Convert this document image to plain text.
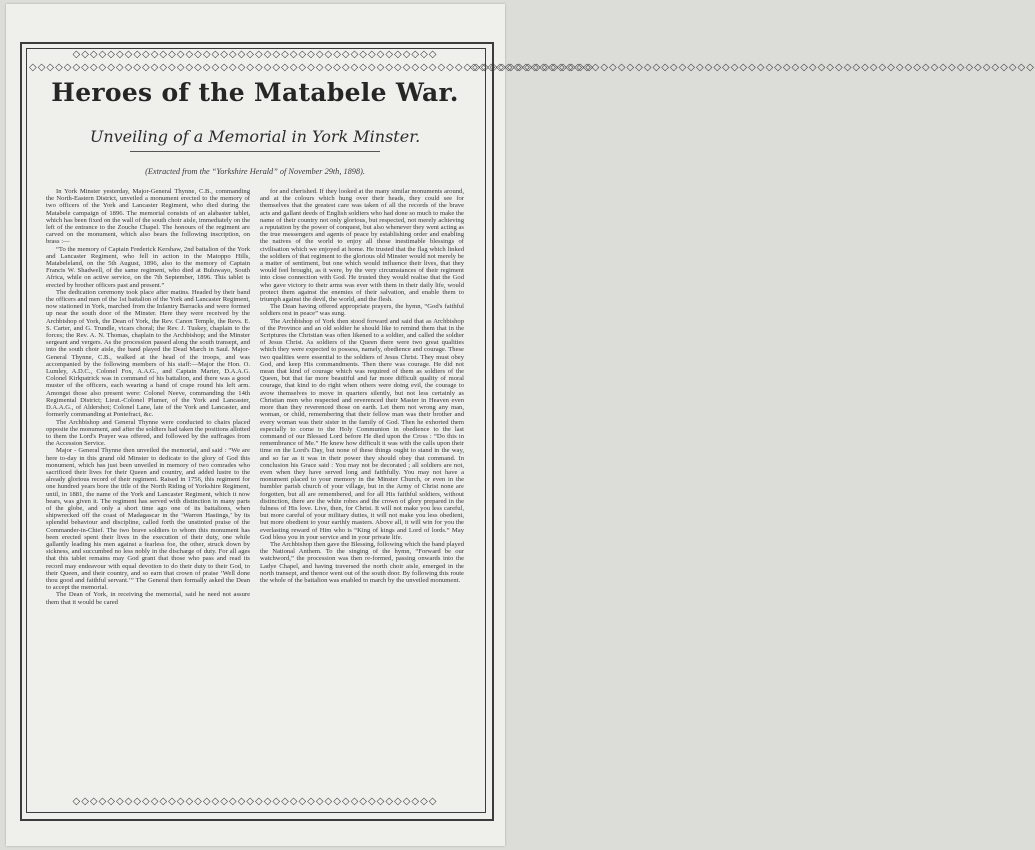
◇◇◇◇◇◇◇◇◇◇◇◇◇◇◇◇◇◇◇◇◇◇◇◇◇◇◇◇◇◇◇◇◇◇◇◇◇◇◇◇◇◇
◇◇◇◇◇◇◇◇◇◇◇◇◇◇◇◇◇◇◇◇◇◇◇◇◇◇◇◇◇◇◇◇◇◇◇◇◇◇◇◇◇◇
◇◇◇◇◇◇◇◇◇◇◇◇◇◇◇◇◇◇◇◇◇◇◇◇◇◇◇◇◇◇◇◇◇◇◇◇◇◇◇◇◇◇◇◇◇◇◇◇◇◇◇◇◇◇◇◇◇◇◇◇◇◇◇◇◇
◇◇◇◇◇◇◇◇◇◇◇◇◇◇◇◇◇◇◇◇◇◇◇◇◇◇◇◇◇◇◇◇◇◇◇◇◇◇◇◇◇◇◇◇◇◇◇◇◇◇◇◇◇◇◇◇◇◇◇◇◇◇◇◇◇
Heroes of the Matabele War.
Unveiling of a Memorial in York Minster.
(Extracted from the “Yorkshire Herald” of November 29th, 1898).

In York Minster yesterday, Major-General Thynne, C.B., commanding the North-Eastern District, unveiled a monument erected to the memory of two officers of the York and Lancaster Regiment, who died during the Matabele campaign of 1896. The memorial consists of an alabaster tablet, which has been fixed on the wall of the south choir aisle, immediately on the left of the entrance to the Zouche Chapel. The honours of the regiment are carved on the monument, which also bears the following inscription, on brass :—

“To the memory of Captain Frederick Kershaw, 2nd battalion of the York and Lancaster Regiment, who fell in action in the Matoppo Hills, Matabeleland, on the 5th August, 1896, also to the memory of Captain Francis W. Shadwell, of the same regiment, who died at Buluwayo, South Africa, while on active service, on the 7th September, 1896. This tablet is erected by brother officers past and present.”

The dedication ceremony took place after matins. Headed by their band the officers and men of the 1st battalion of the York and Lancaster Regiment, now stationed in York, marched from the Infantry Barracks and were formed up near the south door of the Minster. Here they were received by the Archbishop of York, the Dean of York, the Rev. Canon Temple, the Revs. E. S. Carter, and G. Trundle, vicars choral; the Rev. J. Tuskey, chaplain to the forces; the Rev. A. N. Thomas, chaplain to the Archbishop; and the Minster sergeant and vergers. As the procession passed along the south transept, and into the south choir aisle, the band played the Dead March in Saul. Major-General Thynne, C.B., walked at the head of the troops, and was accompanied by the following members of his staff:—Major the Hon. O. Lumley, A.D.C., Colonel Fox, A.A.G., and Captain Marter, D.A.A.G. Colonel Kirkpatrick was in command of his battalion, and there was a good muster of the officers, each wearing a band of crape round his left arm. Amongst those also present were: Colonel Neeve, commanding the 14th Regimental District; Lieut.-Colonel Plumer, of the York and Lancaster, D.A.A.G., of Aldershot; Colonel Lane, late of the York and Lancaster, and formerly commanding at Pontefract, &c.

The Archbishop and General Thynne were conducted to chairs placed opposite the monument, and after the soldiers had taken the positions allotted to them the Lord's Prayer was offered, and followed by the suffrages from the Accession Service.

Major - General Thynne then unveiled the memorial, and said : “We are here to-day in this grand old Minster to dedicate to the glory of God this monument, which has just been unveiled in memory of two comrades who sacrificed their lives for their Queen and country, and added lustre to the already glorious record of their regiment. Raised in 1756, this regiment for one hundred years bore the title of the North Riding of Yorkshire Regiment, until, in 1881, the name of the York and Lancaster Regiment, which it now bears, was given it. The regiment has served with distinction in many parts of the globe, and only a short time ago one of its battalions, when shipwrecked off the coast of Madagascar in the ‘Warren Hastings,’ by its splendid behaviour and discipline, called forth the unstinted praise of the Commander-in-Chief. The two brave soldiers to whom this monument has been erected spent their lives in the execution of their duty, one while gallantly leading his men against a fearless foe, the other, struck down by sickness, and succumbed no less nobly in the discharge of duty. For all ages that this tablet remains may God grant that those who pass and read its record may endeavour with equal devotion to do their duty to their God, to their Queen, and their country, and so earn that crown of praise ‘Well done thou good and faithful servant.’” The General then formally asked the Dean to accept the memorial.

The Dean of York, in receiving the memorial, said he need not assure them that it would be cared

for and cherished. If they looked at the many similar monuments around, and at the colours which hung over their heads, they could see for themselves that the greatest care was taken of all the records of the brave acts and gallant deeds of English soldiers who had done so much to make the name of their country not only glorious, but respected, not merely achieving a reputation by the power of conquest, but also whenever they went acting as the true messengers and agents of peace by establishing order and enabling the natives of the world to enjoy all those inestimable blessings of civilisation which we enjoyed at home. He trusted that the flag which linked the soldiers of that regiment to the glorious old Minster would not merely be a matter of sentiment, but one which would influence their lives, that they would feel brought, as it were, by the very circumstances of their regiment into close connection with God. He trusted they would realise that the God who gave victory to their arms was ever with them in their daily life, would protect them against the enemies of their salvation, and enable them to triumph against the devil, the world, and the flesh.

The Dean having offered appropriate prayers, the hymn, “God's faithful soldiers rest in peace” was sung.

The Archbishop of York then stood forward and said that as Archbishop of the Province and an old soldier he should like to remind them that in the Scriptures the Christian was often likened to a soldier, and called the soldier of Jesus Christ. As soldiers of the Queen there were two great qualities which they were expected to possess, namely, obedience and courage. These two qualities were essential to the soldiers of Jesus Christ. They must obey God, and keep His commandments. Then there was courage. He did not mean that kind of courage which was required of them as soldiers of the Queen, but that far more beautiful and far more difficult quality of moral courage, that kind to do right when others were doing evil, the courage to avow themselves to move in quarters silently, but not less certainly as Christian men who respected and reverenced their Master in Heaven even more than they reverenced those on earth. Let them not wrong any man, woman, or child, remembering that their fellow man was their brother and every woman was their sister in the family of God. Then he exhorted them especially to come to the Holy Communion in obedience to the last command of our Blessed Lord before He died upon the Cross : “Do this in remembrance of Me.” He knew how difficult it was with the calls upon their time on the Lord's Day, but none of these things ought to stand in the way, and so far as it was in their power they should obey that command. In conclusion his Grace said : You may not be decorated ; all soldiers are not, even when they have served long and faithfully. You may not have a monument placed to your memory in the Minster Church, or even in the humbler parish church of your village, but in the Army of Christ none are forgotten, but all are remembered, and for all His faithful soldiers, without distinction, there are the white robes and the crown of glory prepared in the fulness of His love. Live, then, for Christ. It will not make you less careful, but more careful of your military duties, it will not make you less obedient, but more obedient to your earthly masters. Above all, it will win for you the everlasting reward of Him who is “King of kings and Lord of lords.” May God bless you in your service and in your private life.

The Archbishop then gave the Blessing, following which the band played the National Anthem. To the singing of the hymn, “Forward be our watchword,” the procession was then re-formed, passing onwards into the Ladye Chapel, and having traversed the north choir aisle, emerged in the north transept, and thence went out of the south door. By following this route the whole of the battalion was enabled to march by the unveiled monument.
